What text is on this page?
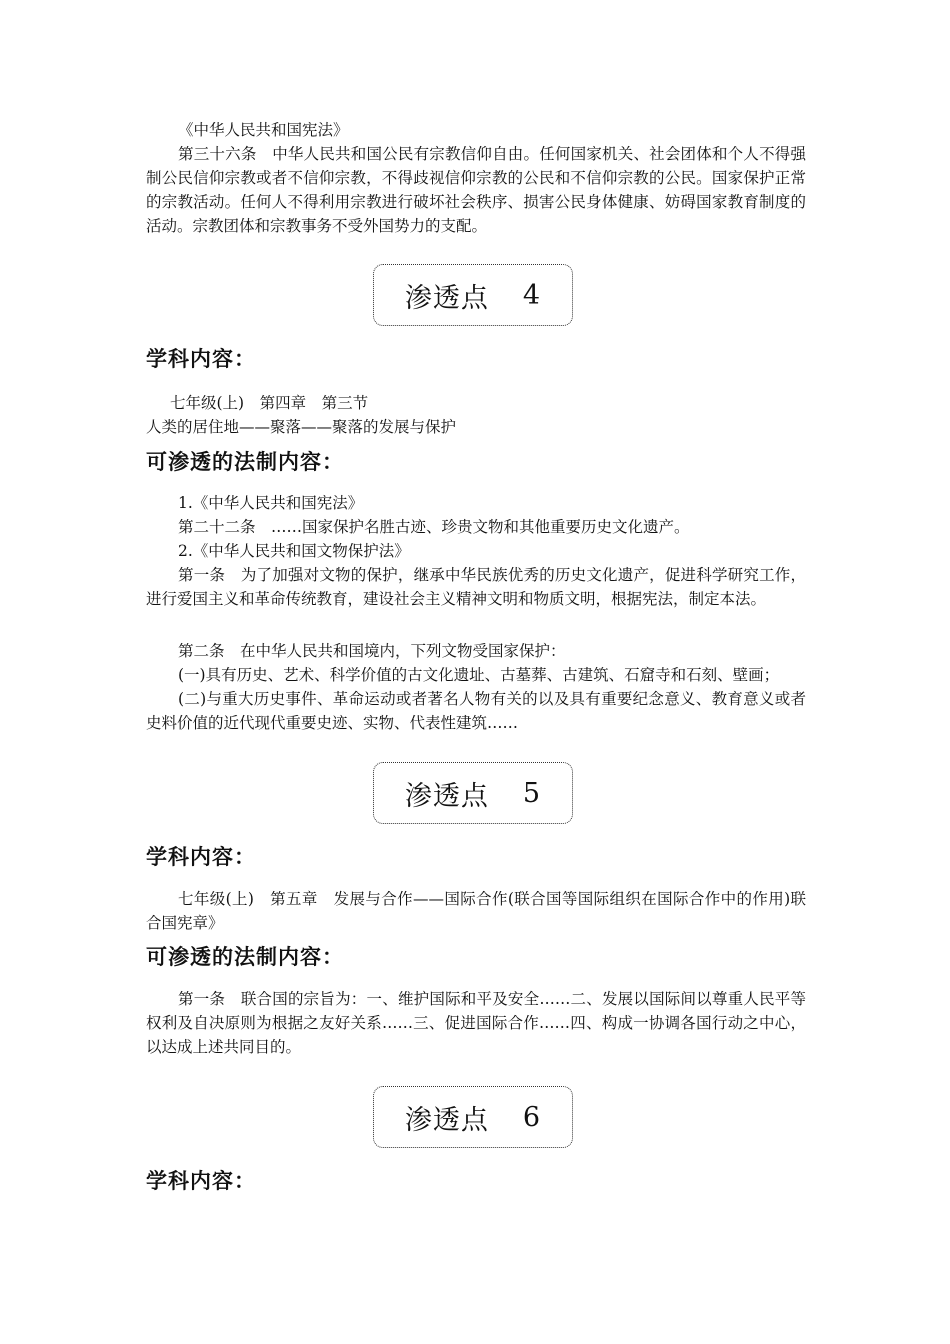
《中华人民共和国宪法》
第三十六条　中华人民共和国公民有宗教信仰自由。任何国家机关、社会团体和个人不得强制公民信仰宗教或者不信仰宗教，不得歧视信仰宗教的公民和不信仰宗教的公民。国家保护正常的宗教活动。任何人不得利用宗教进行破坏社会秩序、损害公民身体健康、妨碍国家教育制度的活动。宗教团体和宗教事务不受外国势力的支配。
渗透点 4
学科内容：
七年级(上)　第四章　第三节
人类的居住地——聚落——聚落的发展与保护
可渗透的法制内容：
1.《中华人民共和国宪法》
第二十二条　……国家保护名胜古迹、珍贵文物和其他重要历史文化遗产。
2.《中华人民共和国文物保护法》
第一条　为了加强对文物的保护，继承中华民族优秀的历史文化遗产，促进科学研究工作，进行爱国主义和革命传统教育，建设社会主义精神文明和物质文明，根据宪法，制定本法。
第二条　在中华人民共和国境内，下列文物受国家保护：
(一)具有历史、艺术、科学价值的古文化遗址、古墓葬、古建筑、石窟寺和石刻、壁画；
(二)与重大历史事件、革命运动或者著名人物有关的以及具有重要纪念意义、教育意义或者史料价值的近代现代重要史迹、实物、代表性建筑……
渗透点 5
学科内容：
七年级(上)　第五章　发展与合作——国际合作(联合国等国际组织在国际合作中的作用)联合国宪章》
可渗透的法制内容：
第一条　联合国的宗旨为：一、维护国际和平及安全……二、发展以国际间以尊重人民平等权利及自决原则为根据之友好关系……三、促进国际合作……四、构成一协调各国行动之中心，以达成上述共同目的。
渗透点 6
学科内容：
